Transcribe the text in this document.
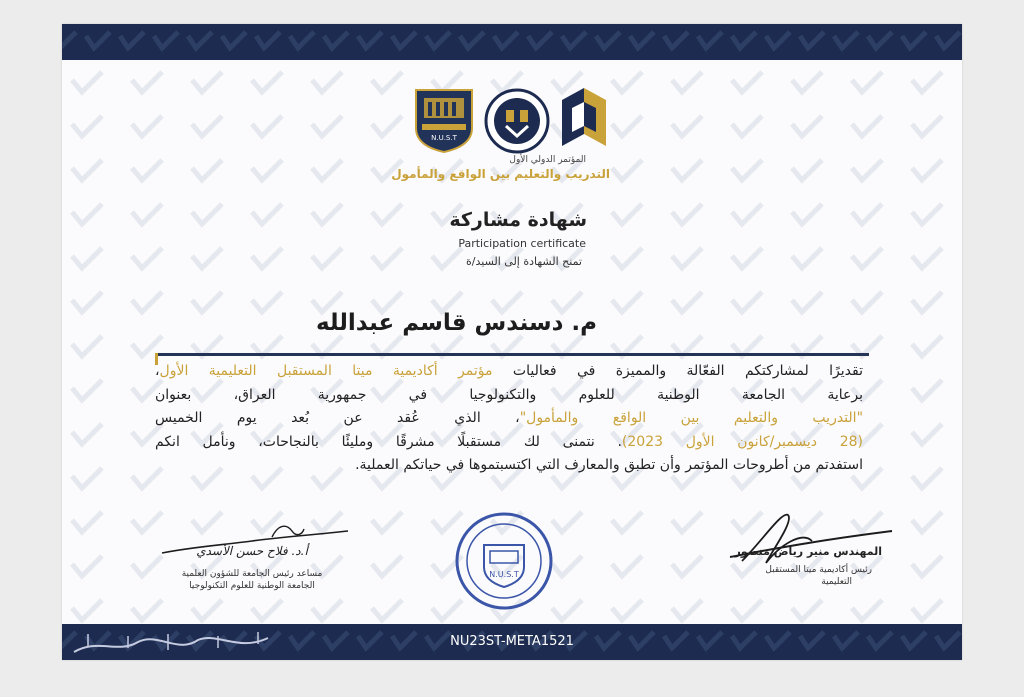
N.U.S.T
المؤتمر الدولي الأول
التدريب والتعليم بين الواقع والمأمول
شهادة مشاركة
Participation certificate
تمنح الشهادة إلى السيد/ة
م. دسندس قاسم عبدالله
تقديرًا لمشاركتكم الفعّالة والمميزة في فعاليات مؤتمر أكاديمية ميتا المستقبل التعليمية الأول،
برعاية الجامعة الوطنية للعلوم والتكنولوجيا في جمهورية العراق، بعنوان
"التدريب والتعليم بين الواقع والمأمول"، الذي عُقد عن بُعد يوم الخميس
(28 ديسمبر/كانون الأول 2023). نتمنى لك مستقبلًا مشرقًا ومليئًا بالنجاحات، ونأمل انكم
استفدتم من أطروحات المؤتمر وأن تطبق والمعارف التي اكتسبتموها في حياتكم العملية.
أ.د. فلاح حسن الأسدي
مساعد رئيس الجامعة للشؤون العلمية
الجامعة الوطنية للعلوم التكنولوجيا
N.U.S.T
المهندس منير رياض منصور
رئيس أكاديمية ميتا المستقبل
التعليمية
NU23ST-META1521
